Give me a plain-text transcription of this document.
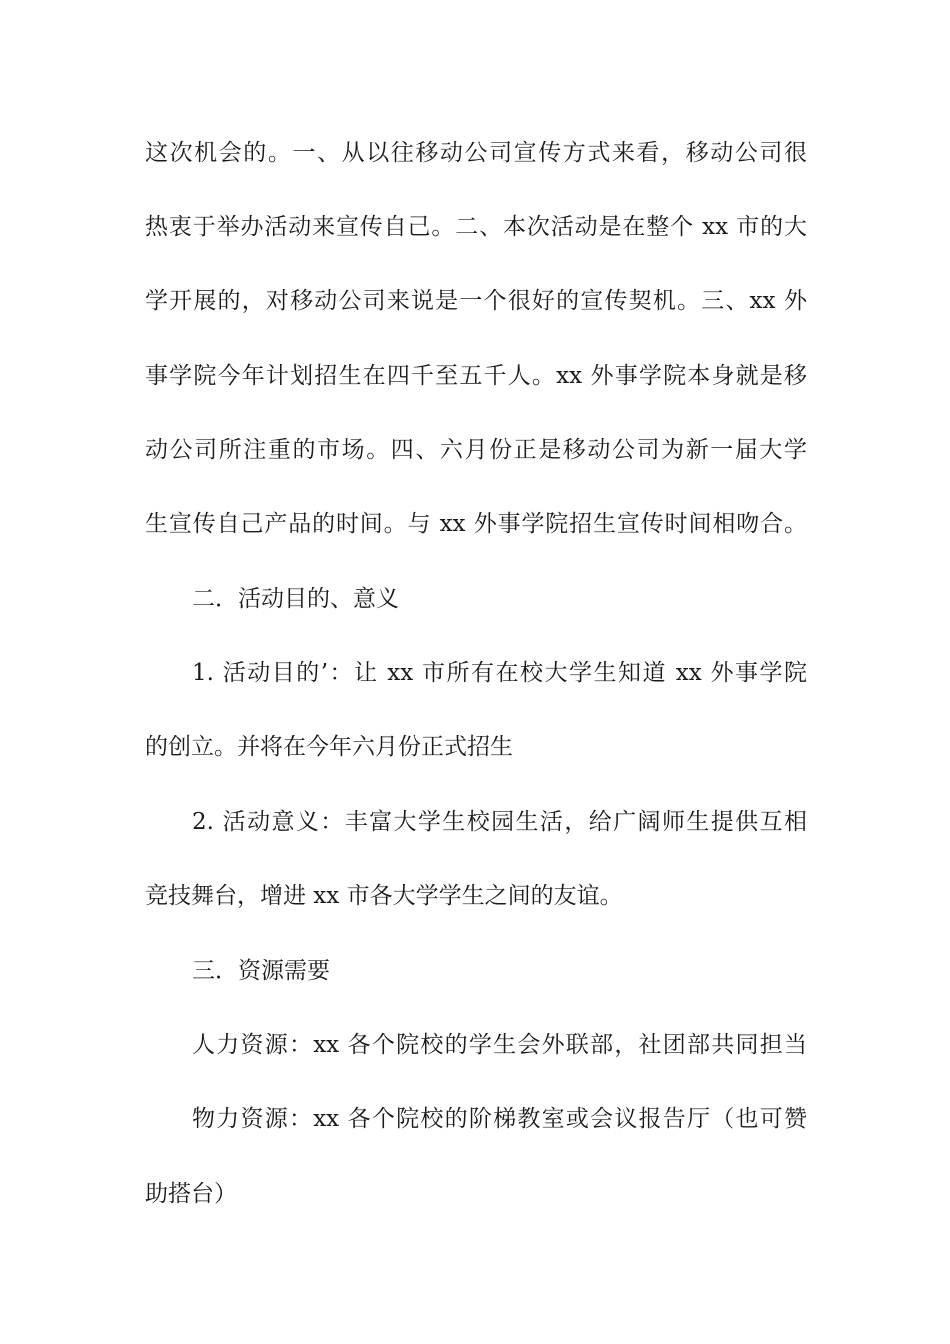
这次机会的。一、从以往移动公司宣传方式来看，移动公司很
热衷于举办活动来宣传自己。二、本次活动是在整个 xx 市的大
学开展的，对移动公司来说是一个很好的宣传契机。三、xx 外
事学院今年计划招生在四千至五千人。xx 外事学院本身就是移
动公司所注重的市场。四、六月份正是移动公司为新一届大学
生宣传自己产品的时间。与 xx 外事学院招生宣传时间相吻合。
二．活动目的、意义
1. 活动目的’：让 xx 市所有在校大学生知道 xx 外事学院
的创立。并将在今年六月份正式招生
2. 活动意义：丰富大学生校园生活，给广阔师生提供互相
竞技舞台，增进 xx 市各大学学生之间的友谊。
三．资源需要
人力资源：xx 各个院校的学生会外联部，社团部共同担当
物力资源：xx 各个院校的阶梯教室或会议报告厅（也可赞
助搭台）
